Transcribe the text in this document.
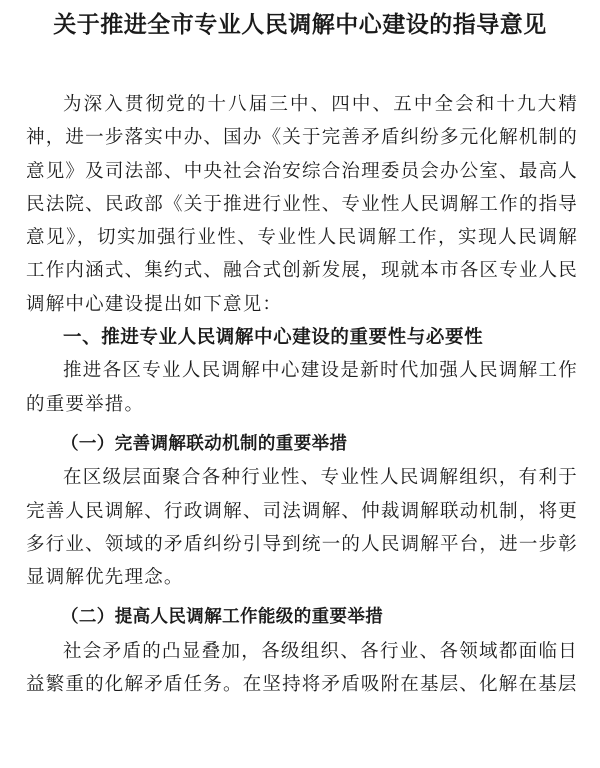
关于推进全市专业人民调解中心建设的指导意见

为深入贯彻党的十八届三中、四中、五中全会和十九大精神，进一步落实中办、国办《关于完善矛盾纠纷多元化解机制的意见》及司法部、中央社会治安综合治理委员会办公室、最高人民法院、民政部《关于推进行业性、专业性人民调解工作的指导意见》，切实加强行业性、专业性人民调解工作，实现人民调解工作内涵式、集约式、融合式创新发展，现就本市各区专业人民调解中心建设提出如下意见：

一、推进专业人民调解中心建设的重要性与必要性

推进各区专业人民调解中心建设是新时代加强人民调解工作的重要举措。

（一）完善调解联动机制的重要举措

在区级层面聚合各种行业性、专业性人民调解组织，有利于完善人民调解、行政调解、司法调解、仲裁调解联动机制，将更多行业、领域的矛盾纠纷引导到统一的人民调解平台，进一步彰显调解优先理念。

（二）提高人民调解工作能级的重要举措

社会矛盾的凸显叠加，各级组织、各行业、各领域都面临日益繁重的化解矛盾任务。在坚持将矛盾吸附在基层、化解在基层
